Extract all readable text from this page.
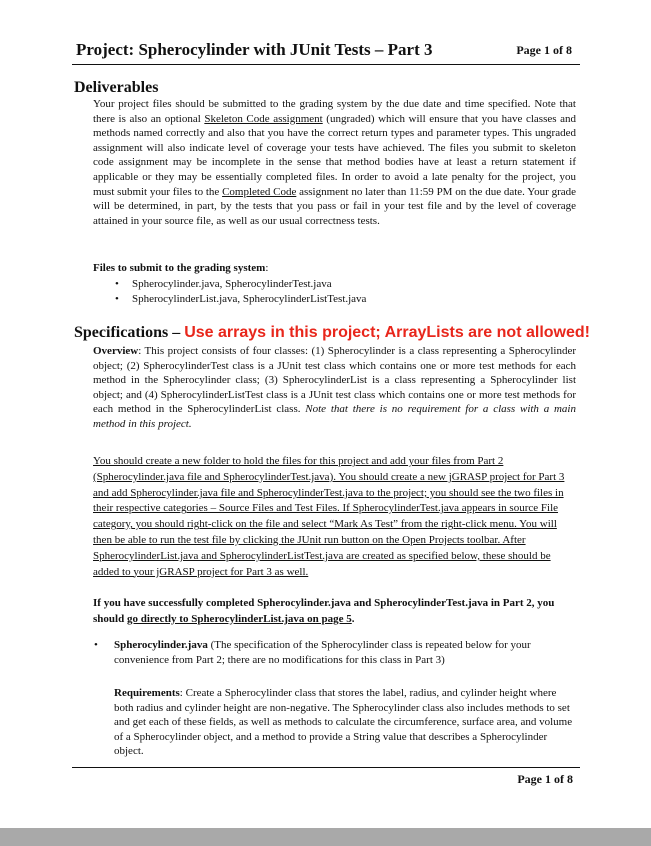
Project: Spherocylinder with JUnit Tests – Part 3	Page 1 of 8
Deliverables
Your project files should be submitted to the grading system by the due date and time specified. Note that there is also an optional Skeleton Code assignment (ungraded) which will ensure that you have classes and methods named correctly and also that you have the correct return types and parameter types. This ungraded assignment will also indicate level of coverage your tests have achieved. The files you submit to skeleton code assignment may be incomplete in the sense that method bodies have at least a return statement if applicable or they may be essentially completed files. In order to avoid a late penalty for the project, you must submit your files to the Completed Code assignment no later than 11:59 PM on the due date. Your grade will be determined, in part, by the tests that you pass or fail in your test file and by the level of coverage attained in your source file, as well as our usual correctness tests.
Files to submit to the grading system:
• Spherocylinder.java, SpherocylinderTest.java
• SpherocylinderList.java, SpherocylinderListTest.java
Specifications – Use arrays in this project; ArrayLists are not allowed!
Overview: This project consists of four classes: (1) Spherocylinder is a class representing a Spherocylinder object; (2) SpherocylinderTest class is a JUnit test class which contains one or more test methods for each method in the Spherocylinder class; (3) SpherocylinderList is a class representing a Spherocylinder list object; and (4) SpherocylinderListTest class is a JUnit test class which contains one or more test methods for each method in the SpherocylinderList class. Note that there is no requirement for a class with a main method in this project.
You should create a new folder to hold the files for this project and add your files from Part 2 (Spherocylinder.java file and SpherocylinderTest.java). You should create a new jGRASP project for Part 3 and add Spherocylinder.java file and SpherocylinderTest.java to the project; you should see the two files in their respective categories – Source Files and Test Files. If SpherocylinderTest.java appears in source File category, you should right-click on the file and select “Mark As Test” from the right-click menu. You will then be able to run the test file by clicking the JUnit run button on the Open Projects toolbar. After SpherocylinderList.java and SpherocylinderListTest.java are created as specified below, these should be added to your jGRASP project for Part 3 as well.
If you have successfully completed Spherocylinder.java and SpherocylinderTest.java in Part 2, you should go directly to SpherocylinderList.java on page 5.
• Spherocylinder.java (The specification of the Spherocylinder class is repeated below for your convenience from Part 2; there are no modifications for this class in Part 3)
Requirements: Create a Spherocylinder class that stores the label, radius, and cylinder height where both radius and cylinder height are non-negative. The Spherocylinder class also includes methods to set and get each of these fields, as well as methods to calculate the circumference, surface area, and volume of a Spherocylinder object, and a method to provide a String value that describes a Spherocylinder object.
Page 1 of 8
